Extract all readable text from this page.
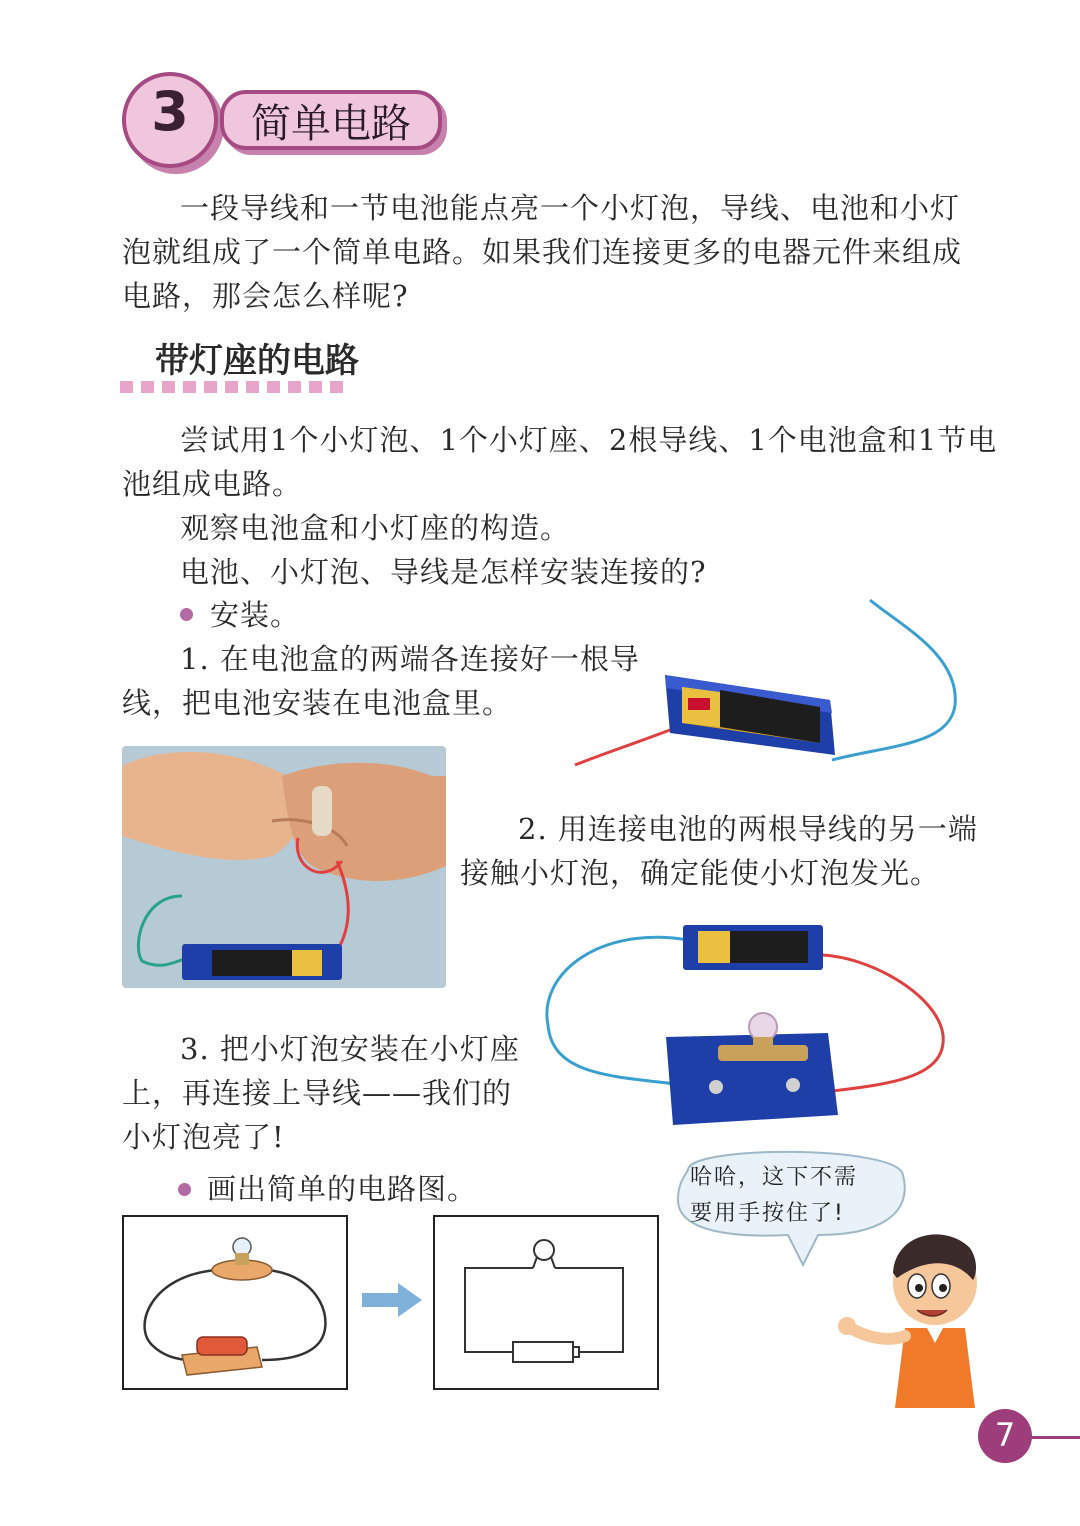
3	简单电路
一段导线和一节电池能点亮一个小灯泡，导线、电池和小灯
泡就组成了一个简单电路。如果我们连接更多的电器元件来组成
电路，那会怎么样呢?
带灯座的电路
尝试用1个小灯泡、1个小灯座、2根导线、1个电池盒和1节电
池组成电路。
观察电池盒和小灯座的构造。
电池、小灯泡、导线是怎样安装连接的?
安装。
1. 在电池盒的两端各连接好一根导
线，把电池安装在电池盒里。
2. 用连接电池的两根导线的另一端
接触小灯泡，确定能使小灯泡发光。
3. 把小灯泡安装在小灯座
上，再连接上导线——我们的
小灯泡亮了!
哈哈，这下不需
要用手按住了!
画出简单的电路图。
7
